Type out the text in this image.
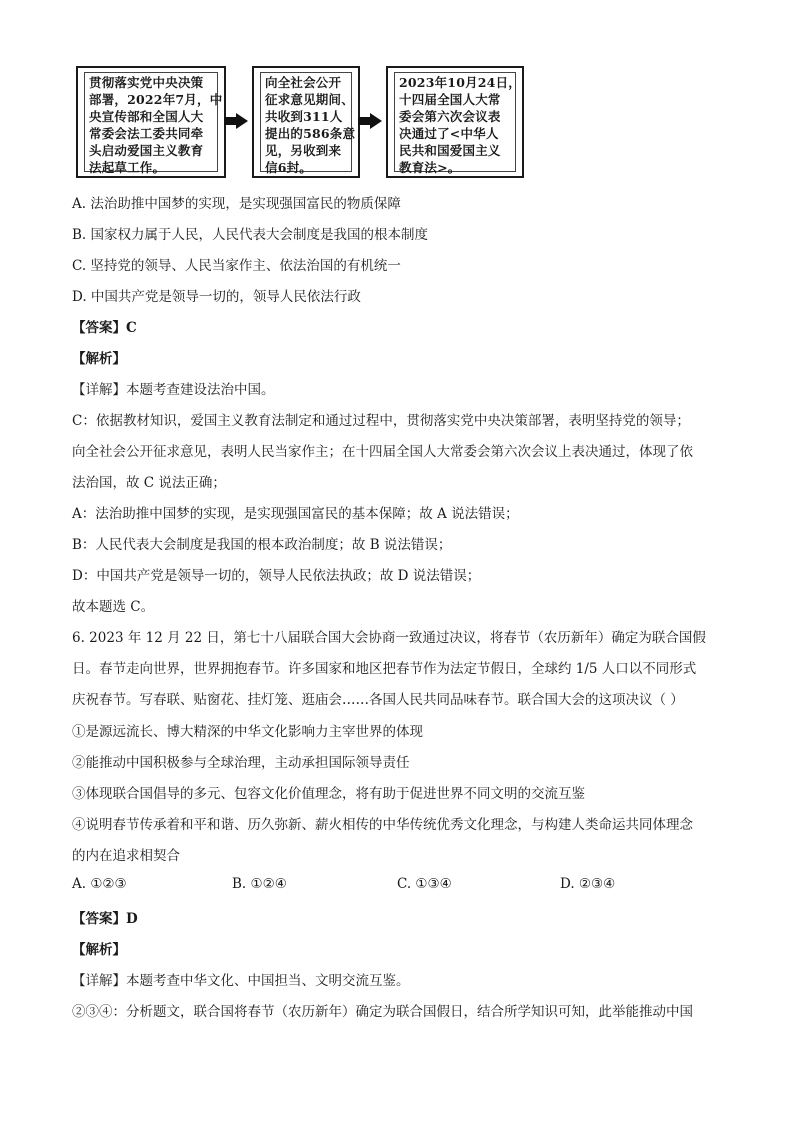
贯彻落实党中央决策
部署，2022年7月，中
央宣传部和全国人大
常委会法工委共同牵
头启动爱国主义教育
法起草工作。
向全社会公开
征求意见期间、
共收到311人
提出的586条意
见，另收到来
信6封。
2023年10月24日，
十四届全国人大常
委会第六次会议表
决通过了<中华人
民共和国爱国主义
教育法>。
A. 法治助推中国梦的实现，是实现强国富民的物质保障
B. 国家权力属于人民，人民代表大会制度是我国的根本制度
C. 坚持党的领导、人民当家作主、依法治国的有机统一
D. 中国共产党是领导一切的，领导人民依法行政
【答案】C
【解析】
【详解】本题考查建设法治中国。
C：依据教材知识，爱国主义教育法制定和通过过程中，贯彻落实党中央决策部署，表明坚持党的领导；
向全社会公开征求意见，表明人民当家作主；在十四届全国人大常委会第六次会议上表决通过，体现了依
法治国，故 C 说法正确；
A：法治助推中国梦的实现，是实现强国富民的基本保障；故 A 说法错误；
B：人民代表大会制度是我国的根本政治制度；故 B 说法错误；
D：中国共产党是领导一切的，领导人民依法执政；故 D 说法错误；
故本题选 C。
6. 2023 年 12 月 22 日，第七十八届联合国大会协商一致通过决议，将春节（农历新年）确定为联合国假
日。春节走向世界，世界拥抱春节。许多国家和地区把春节作为法定节假日，全球约 1/5 人口以不同形式
庆祝春节。写春联、贴窗花、挂灯笼、逛庙会……各国人民共同品味春节。联合国大会的这项决议（ ）
①是源远流长、博大精深的中华文化影响力主宰世界的体现
②能推动中国积极参与全球治理，主动承担国际领导责任
③体现联合国倡导的多元、包容文化价值理念，将有助于促进世界不同文明的交流互鉴
④说明春节传承着和平和谐、历久弥新、薪火相传的中华传统优秀文化理念，与构建人类命运共同体理念
的内在追求相契合
A. ①②③	B. ①②④	C. ①③④	D. ②③④
【答案】D
【解析】
【详解】本题考查中华文化、中国担当、文明交流互鉴。
②③④：分析题文，联合国将春节（农历新年）确定为联合国假日，结合所学知识可知，此举能推动中国
